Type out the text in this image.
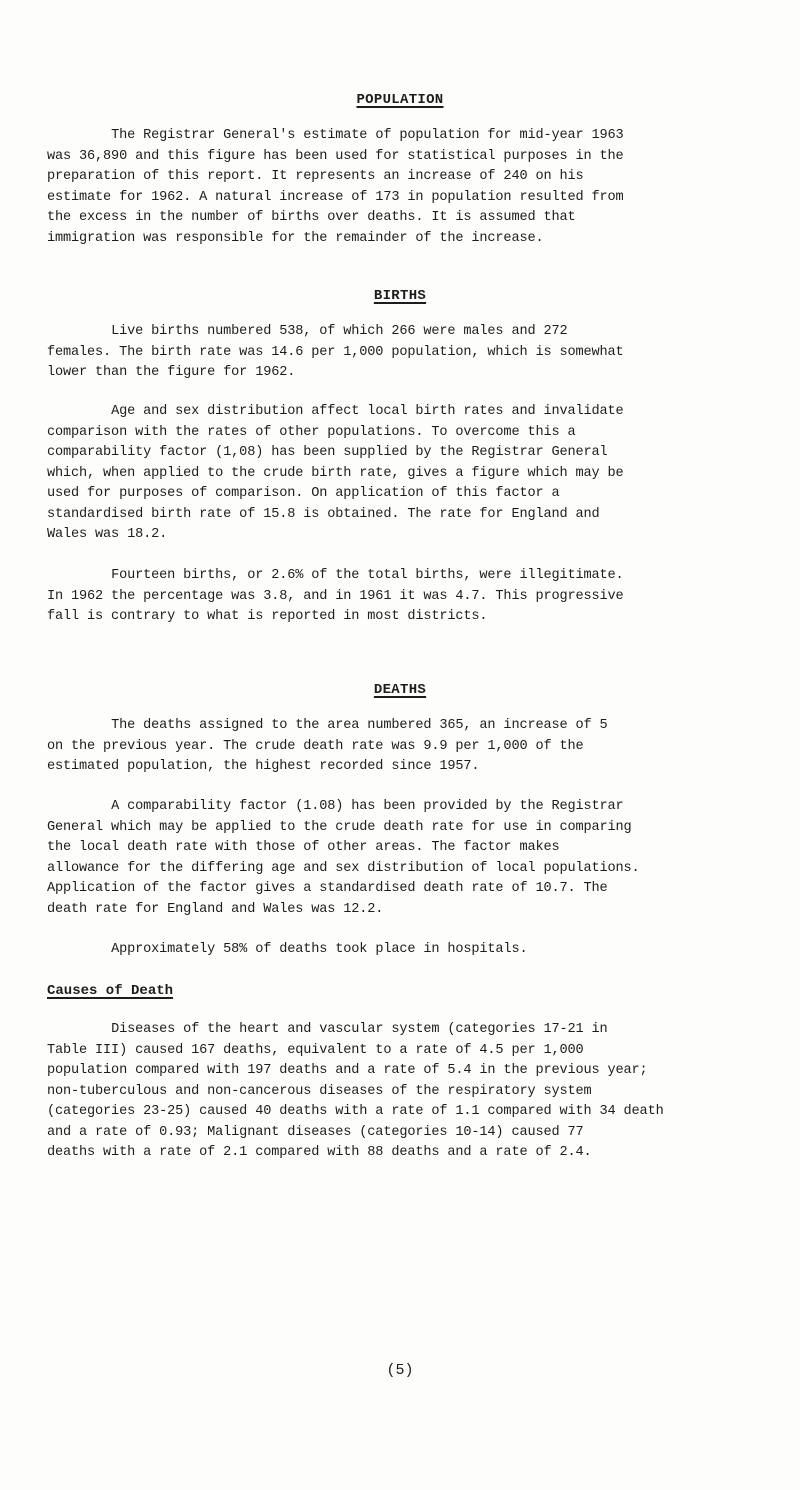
POPULATION

The Registrar General's estimate of population for mid-year 1963
was 36,890 and this figure has been used for statistical purposes in the
preparation of this report. It represents an increase of 240 on his
estimate for 1962. A natural increase of 173 in population resulted from
the excess in the number of births over deaths. It is assumed that
immigration was responsible for the remainder of the increase.

BIRTHS

Live births numbered 538, of which 266 were males and 272
females. The birth rate was 14.6 per 1,000 population, which is somewhat
lower than the figure for 1962.

Age and sex distribution affect local birth rates and invalidate
comparison with the rates of other populations. To overcome this a
comparability factor (1,08) has been supplied by the Registrar General
which, when applied to the crude birth rate, gives a figure which may be
used for purposes of comparison. On application of this factor a
standardised birth rate of 15.8 is obtained. The rate for England and
Wales was 18.2.

Fourteen births, or 2.6% of the total births, were illegitimate.
In 1962 the percentage was 3.8, and in 1961 it was 4.7. This progressive
fall is contrary to what is reported in most districts.

DEATHS

The deaths assigned to the area numbered 365, an increase of 5
on the previous year. The crude death rate was 9.9 per 1,000 of the
estimated population, the highest recorded since 1957.

A comparability factor (1.08) has been provided by the Registrar
General which may be applied to the crude death rate for use in comparing
the local death rate with those of other areas. The factor makes
allowance for the differing age and sex distribution of local populations.
Application of the factor gives a standardised death rate of 10.7. The
death rate for England and Wales was 12.2.

Approximately 58% of deaths took place in hospitals.

Causes of Death

Diseases of the heart and vascular system (categories 17-21 in
Table III) caused 167 deaths, equivalent to a rate of 4.5 per 1,000
population compared with 197 deaths and a rate of 5.4 in the previous year;
non-tuberculous and non-cancerous diseases of the respiratory system
(categories 23-25) caused 40 deaths with a rate of 1.1 compared with 34 death
and a rate of 0.93; Malignant diseases (categories 10-14) caused 77
deaths with a rate of 2.1 compared with 88 deaths and a rate of 2.4.

(5)
